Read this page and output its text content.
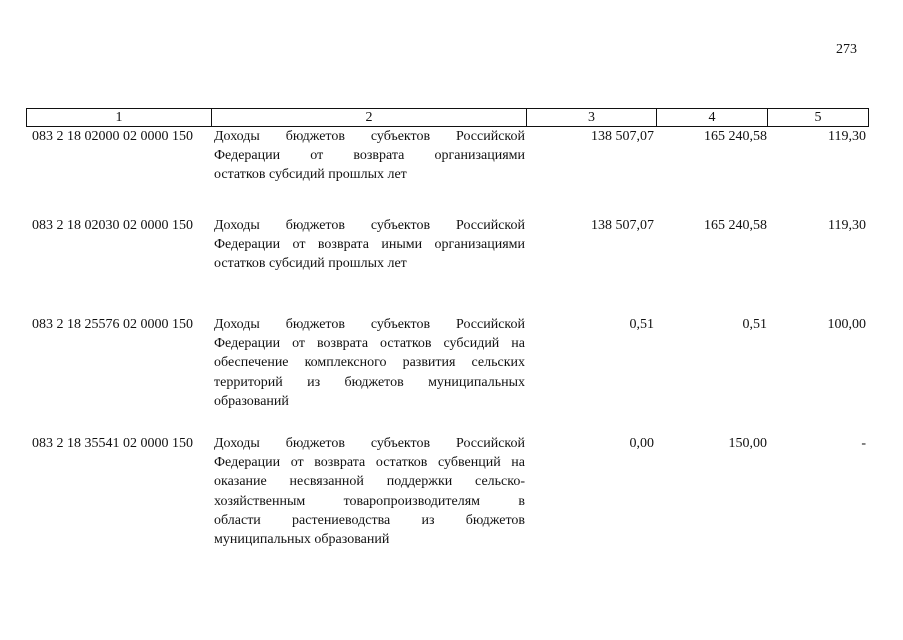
273
1	2	3	4	5
083 2 18 02000 02 0000 150	Доходы бюджетов субъектов Российской
Федерации от возврата организациями
остатков субсидий прошлых лет
138 507,07	165 240,58	119,30
083 2 18 02030 02 0000 150	Доходы бюджетов субъектов Российской
Федерации от возврата иными организациями
остатков субсидий прошлых лет
138 507,07	165 240,58	119,30
083 2 18 25576 02 0000 150	Доходы бюджетов субъектов Российской
Федерации от возврата остатков субсидий на
обеспечение комплексного развития сельских
территорий из бюджетов муниципальных
образований
0,51	0,51	100,00
083 2 18 35541 02 0000 150	Доходы бюджетов субъектов Российской
Федерации от возврата остатков субвенций на
оказание несвязанной поддержки сельско-
хозяйственным товаропроизводителям в
области растениеводства из бюджетов
муниципальных образований
0,00	150,00	-
